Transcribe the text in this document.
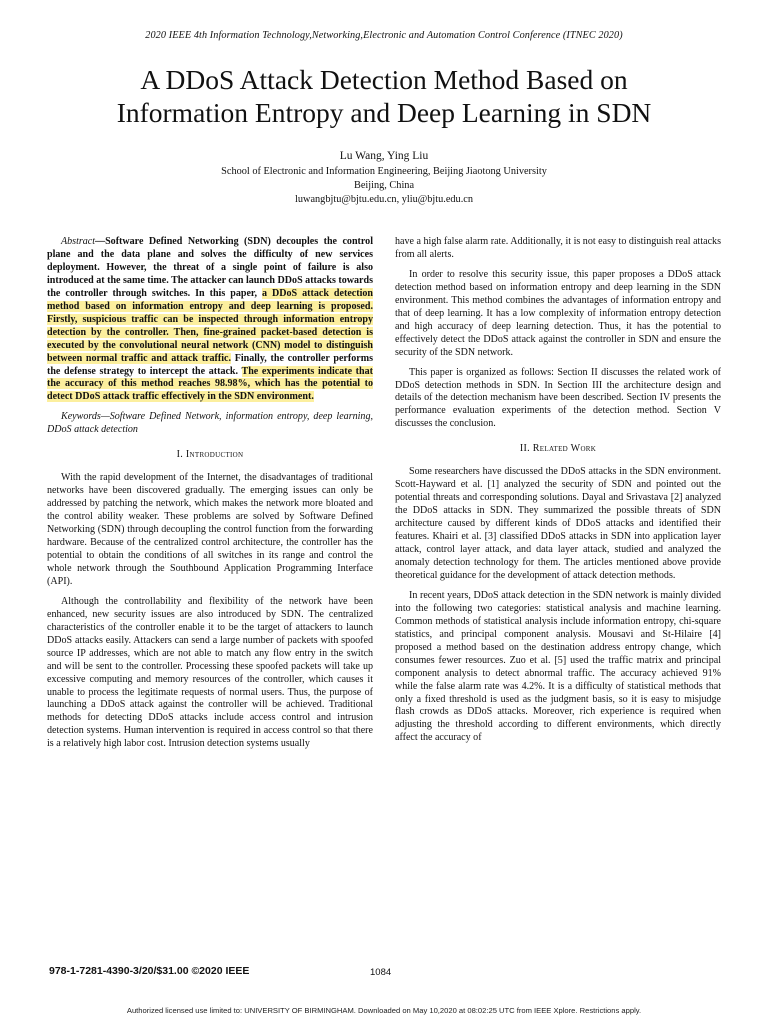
2020 IEEE 4th Information Technology,Networking,Electronic and Automation Control Conference (ITNEC 2020)
A DDoS Attack Detection Method Based on
Information Entropy and Deep Learning in SDN
Lu Wang, Ying Liu
School of Electronic and Information Engineering, Beijing Jiaotong University
Beijing, China
luwangbjtu@bjtu.edu.cn, yliu@bjtu.edu.cn

Abstract—Software Defined Networking (SDN) decouples the control plane and the data plane and solves the difficulty of new services deployment. However, the threat of a single point of failure is also introduced at the same time. The attacker can launch DDoS attacks towards the controller through switches. In this paper, a DDoS attack detection method based on information entropy and deep learning is proposed. Firstly, suspicious traffic can be inspected through information entropy detection by the controller. Then, fine-grained packet-based detection is executed by the convolutional neural network (CNN) model to distinguish between normal traffic and attack traffic. Finally, the controller performs the defense strategy to intercept the attack. The experiments indicate that the accuracy of this method reaches 98.98%, which has the potential to detect DDoS attack traffic effectively in the SDN environment.

Keywords—Software Defined Network, information entropy, deep learning, DDoS attack detection

I. Introduction

With the rapid development of the Internet, the disadvantages of traditional networks have been discovered gradually. The emerging issues can only be addressed by patching the network, which makes the network more bloated and the control ability weaker. These problems are solved by Software Defined Networking (SDN) through decoupling the control function from the forwarding hardware. Because of the centralized control architecture, the controller has the potential to obtain the conditions of all switches in its range and control the whole network through the Southbound Application Programming Interface (API).

Although the controllability and flexibility of the network have been enhanced, new security issues are also introduced by SDN. The centralized characteristics of the controller enable it to be the target of attackers to launch DDoS attacks easily. Attackers can send a large number of packets with spoofed source IP addresses, which are not able to match any flow entry in the switch and will be sent to the controller. Processing these spoofed packets will take up excessive computing and memory resources of the controller, which causes it unable to process the legitimate requests of normal users. Thus, the purpose of launching a DDoS attack against the controller will be achieved. Traditional methods for detecting DDoS attacks include access control and intrusion detection systems. Human intervention is required in access control so that there is a relatively high labor cost. Intrusion detection systems usually

have a high false alarm rate. Additionally, it is not easy to distinguish real attacks from all alerts.

In order to resolve this security issue, this paper proposes a DDoS attack detection method based on information entropy and deep learning in the SDN environment. This method combines the advantages of information entropy and that of deep learning. It has a low complexity of information entropy detection and high accuracy of deep learning detection. Thus, it has the potential to effectively detect the DDoS attack against the controller in SDN and ensure the security of the SDN network.

This paper is organized as follows: Section II discusses the related work of DDoS detection methods in SDN. In Section III the architecture design and details of the detection mechanism have been described. Section IV presents the performance evaluation experiments of the detection method. Section V discusses the conclusion.

II. Related Work

Some researchers have discussed the DDoS attacks in the SDN environment. Scott-Hayward et al. [1] analyzed the security of SDN and pointed out the potential threats and corresponding solutions. Dayal and Srivastava [2] analyzed the DDoS attacks in SDN. They summarized the possible threats of SDN architecture caused by different kinds of DDoS attacks and identified their features. Khairi et al. [3] classified DDoS attacks in SDN into application layer attack, control layer attack, and data layer attack, studied and analyzed the anomaly detection technology for them. The articles mentioned above provide theoretical guidance for the development of attack detection methods.

In recent years, DDoS attack detection in the SDN network is mainly divided into the following two categories: statistical analysis and machine learning. Common methods of statistical analysis include information entropy, chi-square statistics, and principal component analysis. Mousavi and St-Hilaire [4] proposed a method based on the destination address entropy change, which consumes fewer resources. Zuo et al. [5] used the traffic matrix and principal component analysis to detect abnormal traffic. The accuracy achieved 91% while the false alarm rate was 4.2%. It is a difficulty of statistical methods that only a fixed threshold is used as the judgment basis, so it is easy to misjudge flash crowds as DDoS attacks. Moreover, rich experience is required when adjusting the threshold according to different environments, which directly affect the accuracy of

978-1-7281-4390-3/20/$31.00 ©2020 IEEE	1084
Authorized licensed use limited to: UNIVERSITY OF BIRMINGHAM. Downloaded on May 10,2020 at 08:02:25 UTC from IEEE Xplore. Restrictions apply.
